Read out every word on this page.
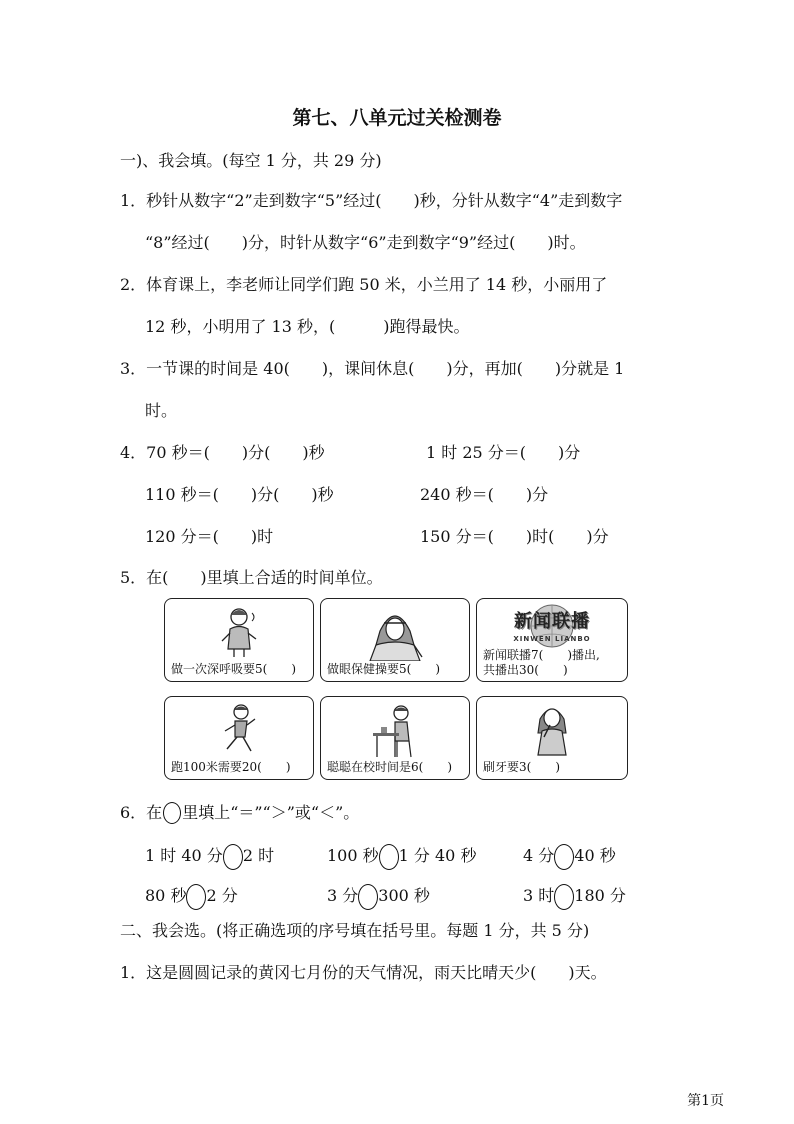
第七、八单元过关检测卷
一)、我会填。(每空 1 分，共 29 分)
1．秒针从数字“2”走到数字“5”经过(　　)秒，分针从数字“4”走到数字
“8”经过(　　)分，时针从数字“6”走到数字“9”经过(　　)时。
2．体育课上，李老师让同学们跑 50 米，小兰用了 14 秒，小丽用了
12 秒，小明用了 13 秒，(　　　)跑得最快。
3．一节课的时间是 40(　　)，课间休息(　　)分，再加(　　)分就是 1
时。
4．70 秒＝(　　)分(　　)秒	1 时 25 分＝(　　)分
110 秒＝(　　)分(　　)秒	240 秒＝(　　)分
120 分＝(　　)时	150 分＝(　　)时(　　)分
5．在(　　)里填上合适的时间单位。
做一次深呼吸要5(　　)	做眼保健操要5(　　)
新闻联播
XINWEN LIANBO
新闻联播7(　　)播出,
共播出30(　　)
跑100米需要20(　　)	聪聪在校时间是6(　　)	刷牙要3(　　)
6．在 里填上“＝”“＞”或“＜”。
1 时 40 分 2 时	100 秒 1 分 40 秒	4 分 40 秒
80 秒 2 分	3 分 300 秒	3 时 180 分
二、我会选。(将正确选项的序号填在括号里。每题 1 分，共 5 分)
1．这是圆圆记录的黄冈七月份的天气情况，雨天比晴天少(　　)天。
第1页
